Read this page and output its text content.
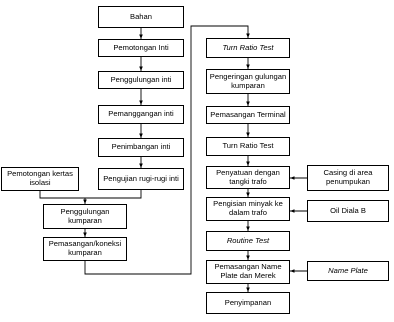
Bahan
Pemotongan Inti
Penggulungan inti
Pemanggangan inti
Penimbangan inti
Pengujian rugi-rugi inti
Pemotongan kertas isolasi
Penggulungan kumparan
Pemasangan/koneksi kumparan
Turn Ratio Test
Pengeringan gulungan kumparan
Pemasangan Terminal
Turn Ratio Test
Penyatuan dengan tangki trafo
Pengisian minyak ke dalam trafo
Routine Test
Pemasangan Name Plate dan Merek
Penyimpanan
Casing di area penumpukan
Oil Diala B
Name Plate
